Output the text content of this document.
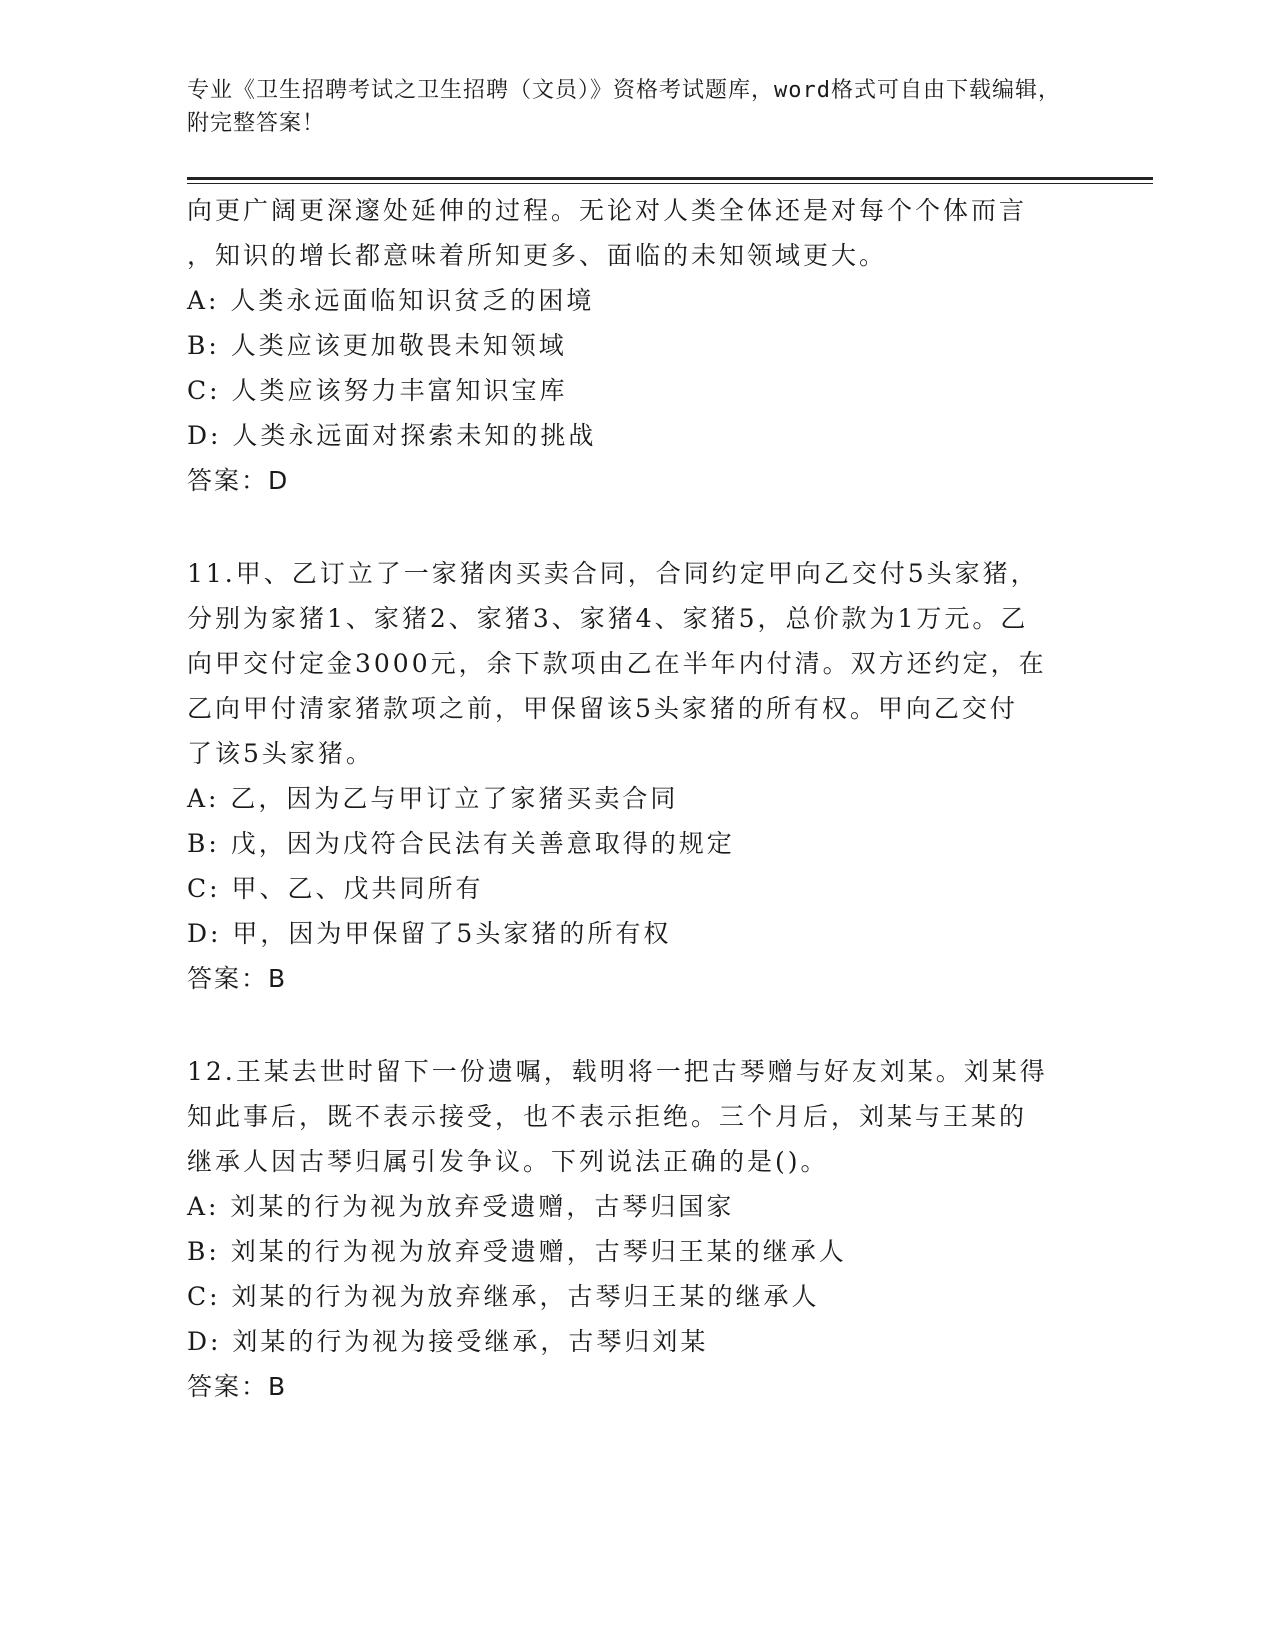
专业《卫生招聘考试之卫生招聘（文员）》资格考试题库，word格式可自由下载编辑，附完整答案！
向更广阔更深邃处延伸的过程。无论对人类全体还是对每个个体而言
，知识的增长都意味着所知更多、面临的未知领域更大。
A: 人类永远面临知识贫乏的困境
B: 人类应该更加敬畏未知领域
C: 人类应该努力丰富知识宝库
D: 人类永远面对探索未知的挑战
答案：D
11.甲、乙订立了一家猪肉买卖合同，合同约定甲向乙交付5头家猪，
分别为家猪1、家猪2、家猪3、家猪4、家猪5，总价款为1万元。乙
向甲交付定金3000元，余下款项由乙在半年内付清。双方还约定，在
乙向甲付清家猪款项之前，甲保留该5头家猪的所有权。甲向乙交付
了该5头家猪。
A: 乙，因为乙与甲订立了家猪买卖合同
B: 戊，因为戊符合民法有关善意取得的规定
C: 甲、乙、戊共同所有
D: 甲，因为甲保留了5头家猪的所有权
答案：B
12.王某去世时留下一份遗嘱，载明将一把古琴赠与好友刘某。刘某得
知此事后，既不表示接受，也不表示拒绝。三个月后，刘某与王某的
继承人因古琴归属引发争议。下列说法正确的是()。
A: 刘某的行为视为放弃受遗赠，古琴归国家
B: 刘某的行为视为放弃受遗赠，古琴归王某的继承人
C: 刘某的行为视为放弃继承，古琴归王某的继承人
D: 刘某的行为视为接受继承，古琴归刘某
答案：B
